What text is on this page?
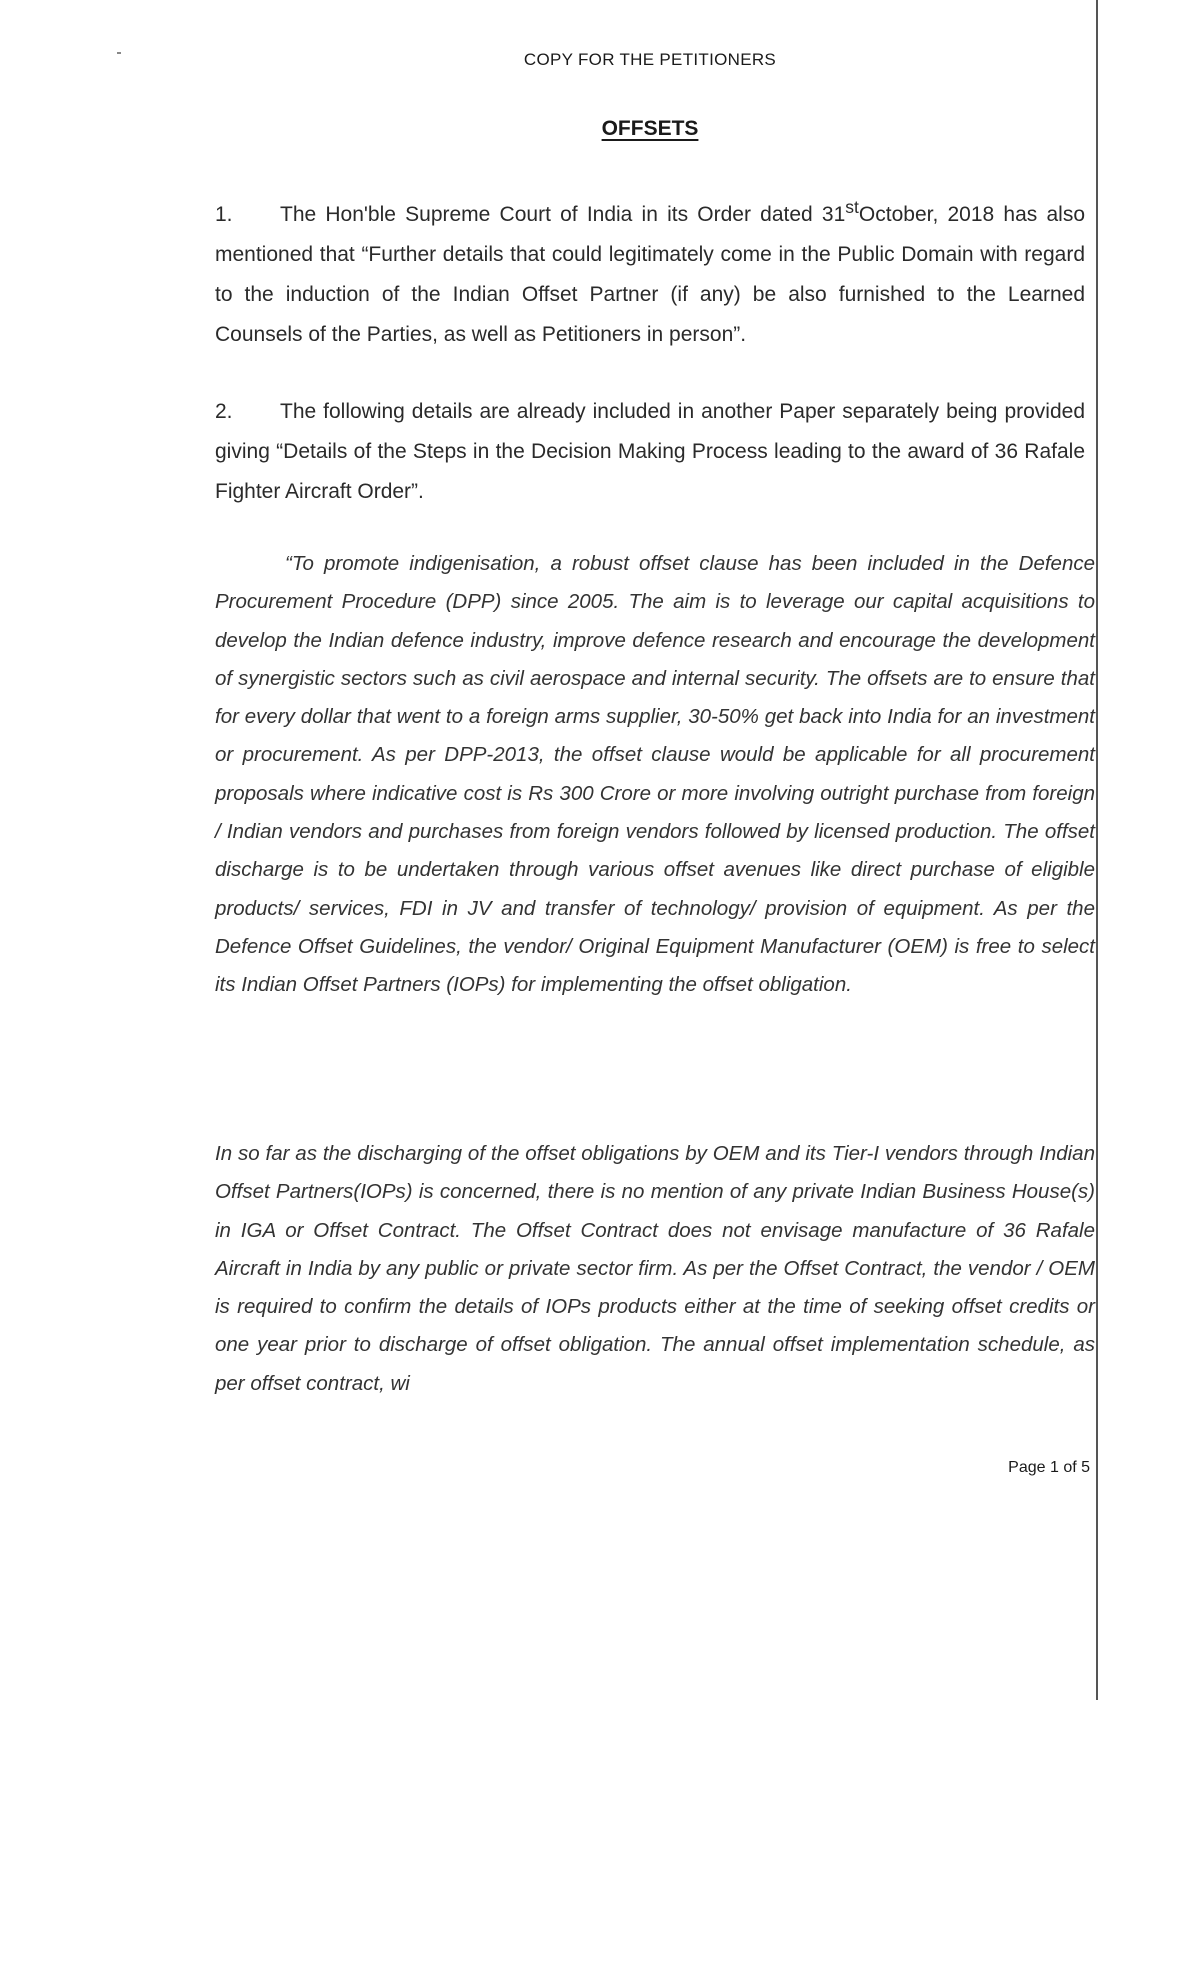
COPY FOR THE PETITIONERS
OFFSETS
1. The Hon'ble Supreme Court of India in its Order dated 31stOctober, 2018 has also mentioned that “Further details that could legitimately come in the Public Domain with regard to the induction of the Indian Offset Partner (if any) be also furnished to the Learned Counsels of the Parties, as well as Petitioners in person”.
2. The following details are already included in another Paper separately being provided giving “Details of the Steps in the Decision Making Process leading to the award of 36 Rafale Fighter Aircraft Order”.
“To promote indigenisation, a robust offset clause has been included in the Defence Procurement Procedure (DPP) since 2005. The aim is to leverage our capital acquisitions to develop the Indian defence industry, improve defence research and encourage the development of synergistic sectors such as civil aerospace and internal security. The offsets are to ensure that for every dollar that went to a foreign arms supplier, 30-50% get back into India for an investment or procurement. As per DPP-2013, the offset clause would be applicable for all procurement proposals where indicative cost is Rs 300 Crore or more involving outright purchase from foreign / Indian vendors and purchases from foreign vendors followed by licensed production. The offset discharge is to be undertaken through various offset avenues like direct purchase of eligible products/ services, FDI in JV and transfer of technology/ provision of equipment. As per the Defence Offset Guidelines, the vendor/ Original Equipment Manufacturer (OEM) is free to select its Indian Offset Partners (IOPs) for implementing the offset obligation.
In so far as the discharging of the offset obligations by OEM and its Tier-I vendors through Indian Offset Partners(IOPs) is concerned, there is no mention of any private Indian Business House(s) in IGA or Offset Contract. The Offset Contract does not envisage manufacture of 36 Rafale Aircraft in India by any public or private sector firm. As per the Offset Contract, the vendor / OEM is required to confirm the details of IOPs products either at the time of seeking offset credits or one year prior to discharge of offset obligation. The annual offset implementation schedule, as per offset contract, wi
Page 1 of 5
